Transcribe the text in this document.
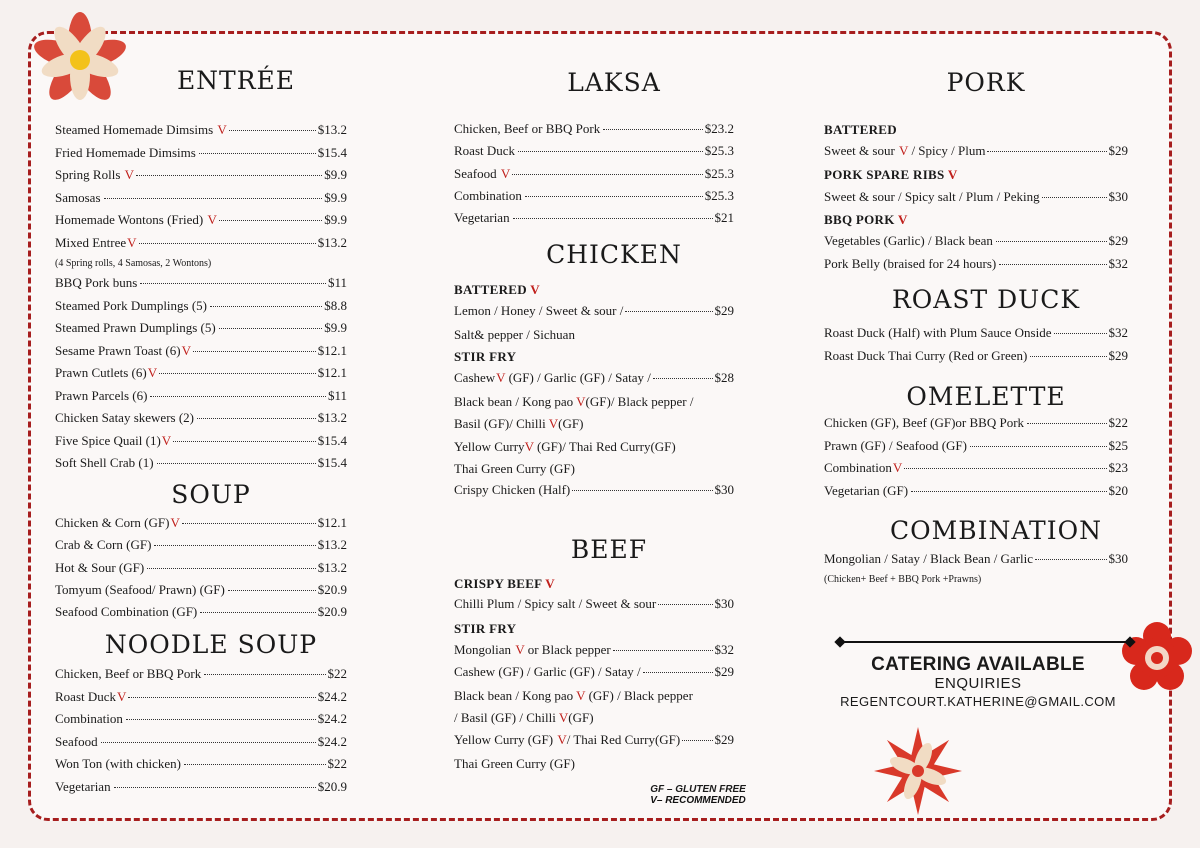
ENTRÉE
Steamed Homemade Dimsims V	$13.2
Fried Homemade Dimsims	$15.4
Spring Rolls V	$9.9
Samosas	$9.9
Homemade Wontons (Fried) V	$9.9
Mixed EntreeV	$13.2
BBQ Pork buns	$11
Steamed Pork Dumplings (5)	$8.8
Steamed Prawn Dumplings (5)	$9.9
Sesame Prawn Toast (6)V	$12.1
Prawn Cutlets (6)V	$12.1
Prawn Parcels (6)	$11
Chicken Satay skewers (2)	$13.2
Five Spice Quail (1)V	$15.4
Soft Shell Crab (1)	$15.4
(4 Spring rolls, 4 Samosas, 2 Wontons)
SOUP
Chicken & Corn (GF)V	$12.1
Crab & Corn (GF)	$13.2
Hot & Sour (GF)	$13.2
Tomyum (Seafood/ Prawn) (GF)	$20.9
Seafood Combination (GF)	$20.9
NOODLE SOUP
Chicken, Beef or BBQ Pork	$22
Roast DuckV	$24.2
Combination	$24.2
Seafood	$24.2
Won Ton (with chicken)	$22
Vegetarian	$20.9
LAKSA
Chicken, Beef or BBQ Pork	$23.2
Roast Duck	$25.3
Seafood V	$25.3
Combination	$25.3
Vegetarian	$21
CHICKEN
BATTERED V
Lemon / Honey / Sweet & sour /	$29
Salt& pepper / Sichuan
STIR FRY
CashewV (GF) / Garlic (GF) / Satay /	$28
Black bean / Kong pao V(GF)/ Black pepper /
Basil (GF)/ Chilli V(GF)
Yellow CurryV (GF)/ Thai Red Curry(GF)
Thai Green Curry (GF)
Crispy Chicken (Half)	$30
BEEF
CRISPY BEEF V
Chilli Plum / Spicy salt / Sweet & sour	$30
STIR FRY
Mongolian V or Black pepper	$32
Cashew (GF) / Garlic (GF) / Satay /	$29
Black bean / Kong pao V (GF) / Black pepper
/ Basil (GF) / Chilli V(GF)
Yellow Curry (GF) V/ Thai Red Curry(GF)	$29
Thai Green Curry (GF)
GF – GLUTEN FREE
V– RECOMMENDED
PORK
BATTERED
Sweet & sour V / Spicy / Plum	$29
PORK SPARE RIBS V
Sweet & sour / Spicy salt / Plum / Peking	$30
BBQ PORK V
Vegetables (Garlic) / Black bean	$29
Pork Belly (braised for 24 hours)	$32
ROAST DUCK
Roast Duck (Half) with Plum Sauce Onside	$32
Roast Duck Thai Curry (Red or Green)	$29
OMELETTE
Chicken (GF), Beef (GF)or BBQ Pork	$22
Prawn (GF) / Seafood (GF)	$25
CombinationV	$23
Vegetarian (GF)	$20
COMBINATION
Mongolian / Satay / Black Bean / Garlic	$30
(Chicken+ Beef + BBQ Pork +Prawns)
CATERING AVAILABLE
ENQUIRIES
REGENTCOURT.KATHERINE@GMAIL.COM
